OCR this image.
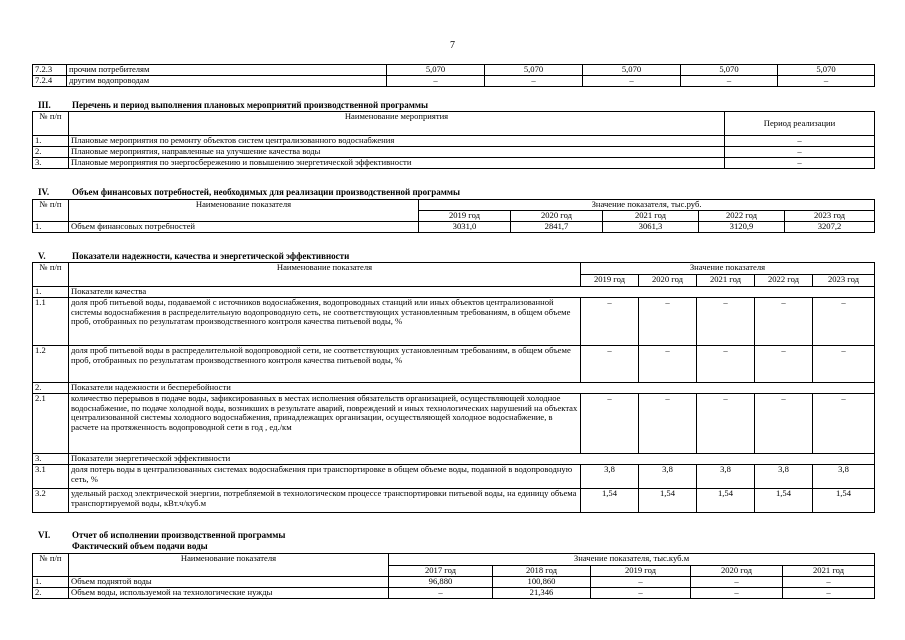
7
7.2.3	прочим потребителям	5,070	5,070	5,070	5,070	5,070
7.2.4	другим водопроводам	–	–	–	–	–
III. Перечень и период выполнения плановых мероприятий производственной программы
№ п/п	Наименование мероприятия	Период реализации
1.	Плановые мероприятия по ремонту объектов систем централизованного водоснабжения	–
2.	Плановые мероприятия, направленные на улучшение качества воды	–
3.	Плановые мероприятия по энергосбережению и повышению энергетической эффективности	–
IV.	Объем финансовых потребностей, необходимых для реализации производственной программы
№ п/п	Наименование показателя	Значение показателя, тыс.руб.				
		2019 год	2020 год	2021 год	2022 год	2023 год
1.	Объем финансовых потребностей	3031,0	2841,7	3061,3	3120,9	3207,2
V.	Показатели надежности, качества и энергетической эффективности
№ п/п	Наименование показателя	Значение показателя				
		2019 год	2020 год	2021 год	2022 год	2023 год
1.	Показатели качества					
1.1	доля проб питьевой воды, подаваемой с источников водоснабжения, водопроводных станций или иных объектов централизованной системы водоснабжения в распределительную водопроводную сеть, не соответствующих установленным требованиям, в общем объеме проб, отобранных по результатам производственного контроля качества питьевой воды, %	–	–	–	–	–
1.2	доля проб питьевой воды в распределительной водопроводной сети, не соответствующих установленным требованиям, в общем объеме проб, отобранных по результатам производственного контроля качества питьевой воды, %	–	–	–	–	–
2.	Показатели надежности и бесперебойности					
2.1	количество перерывов в подаче воды, зафиксированных в местах исполнения обязательств организацией, осуществляющей холодное водоснабжение, по подаче холодной воды, возникших в результате аварий, повреждений и иных технологических нарушений на объектах централизованной системы холодного водоснабжения, принадлежащих организации, осуществляющей холодное водоснабжение, в расчете на протяженность водопроводной сети в год , ед./км	–	–	–	–	–
3.	Показатели энергетической эффективности					
3.1	доля потерь воды в централизованных системах водоснабжения при транспортировке в общем объеме воды, поданной в водопроводную сеть, %	3,8	3,8	3,8	3,8	3,8
3.2	удельный расход электрической энергии, потребляемой в технологическом процессе транспортировки питьевой воды, на единицу объема транспортируемой воды, кВт.ч/куб.м	1,54	1,54	1,54	1,54	1,54
VI. Отчет об исполнении производственной программы
Фактический объем подачи воды
№ п/п	Наименование показателя	Значение показателя, тыс.куб.м				
		2017 год	2018 год	2019 год	2020 год	2021 год
1.	Объем поднятой воды	96,880	100,860	–	–	–
2.	Объем воды, используемой на технологические нужды	–	21,346	–	–	–
